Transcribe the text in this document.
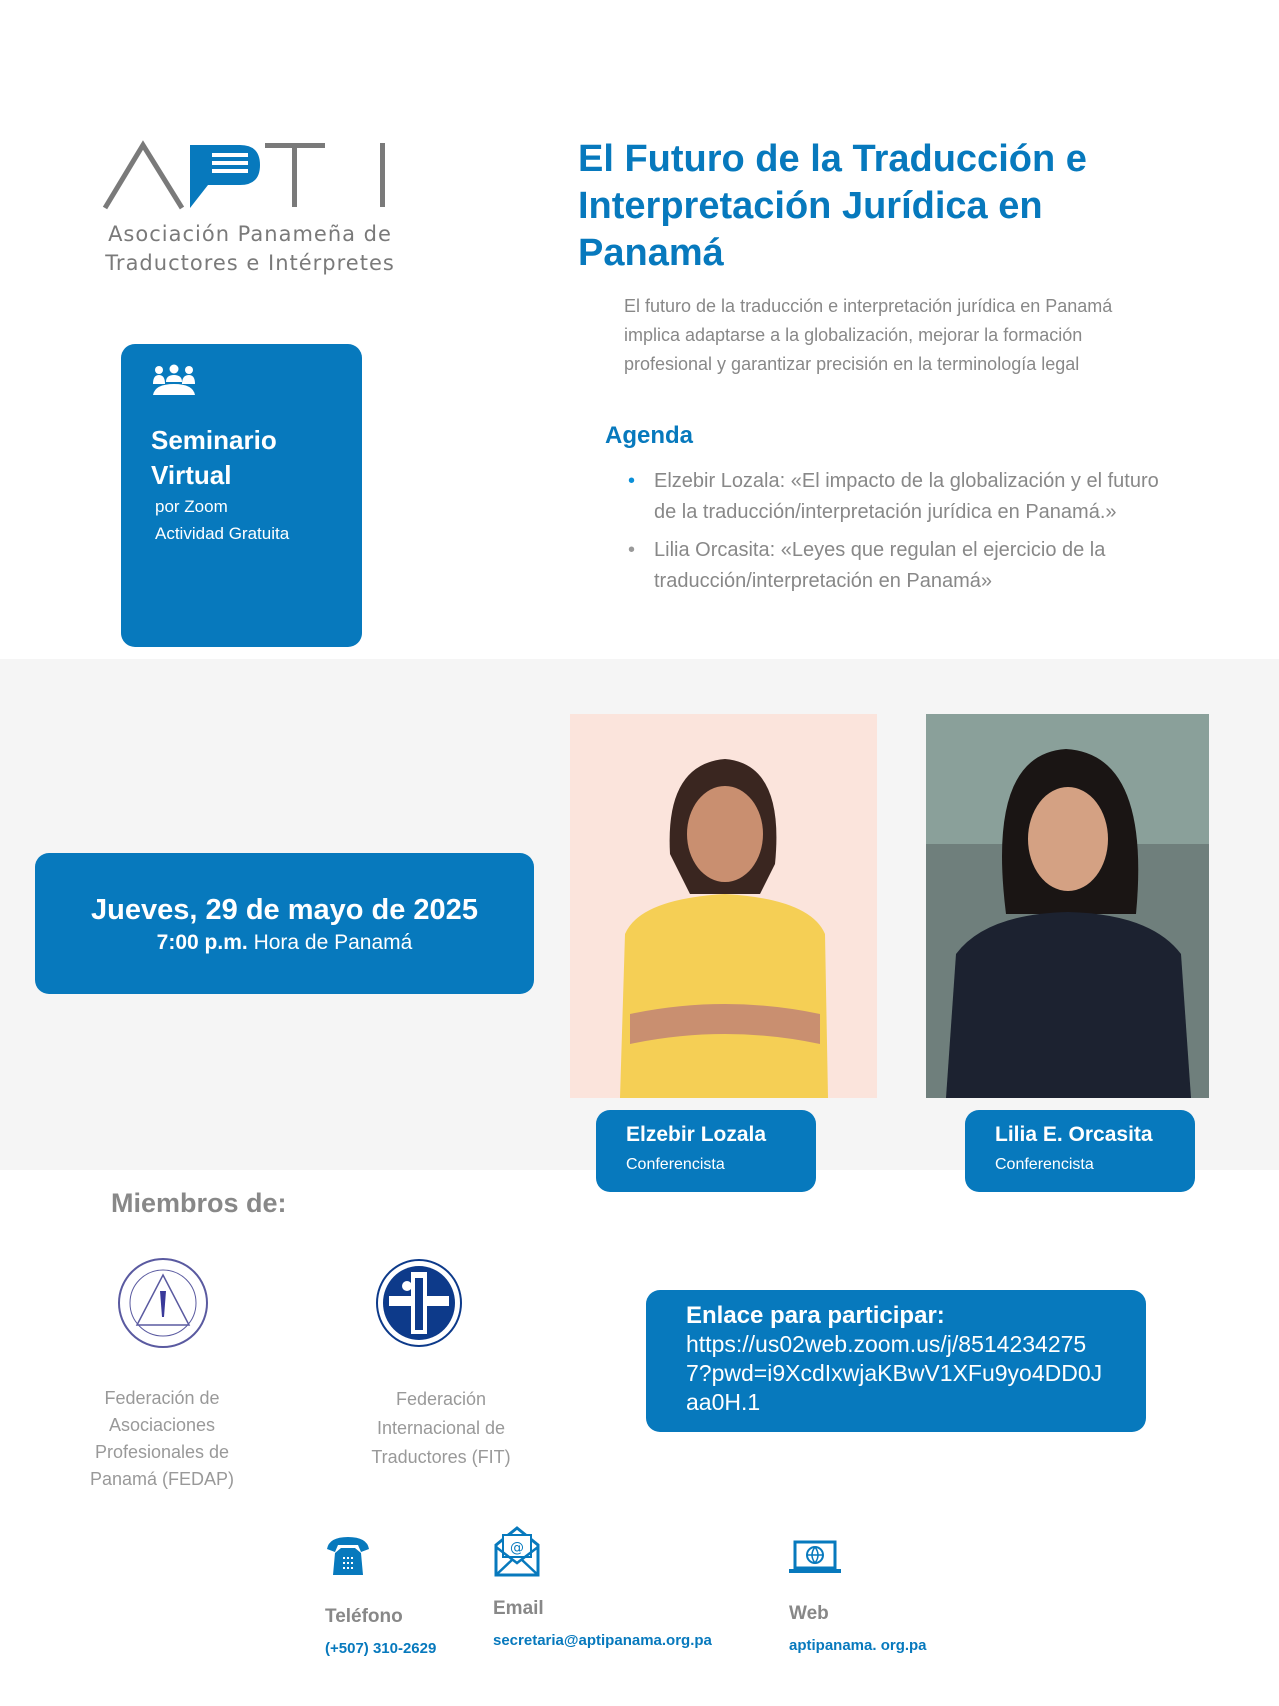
Asociación Panameña de
Traductores e Intérpretes
El Futuro de la Traducción e Interpretación Jurídica en Panamá

El futuro de la traducción e interpretación jurídica en Panamá implica adaptarse a la globalización, mejorar la formación profesional y garantizar precisión en la terminología legal

Agenda
• Elzebir Lozala: «El impacto de la globalización y el futuro de la traducción/interpretación jurídica en Panamá.»
• Lilia Orcasita: «Leyes que regulan el ejercicio de la traducción/interpretación en Panamá»
Seminario Virtual

por Zoom

Actividad Gratuita

Jueves, 29 de mayo de 2025
7:00 p.m. Hora de Panamá
Elzebir Lozala
Conferencista
Lilia E. Orcasita
Conferencista
Miembros de:
Federación de Asociaciones Profesionales de Panamá (FEDAP)
Federación Internacional de Traductores (FIT)
Enlace para participar:
https://us02web.zoom.us/j/85142342757?pwd=i9XcdIxwjaKBwV1XFu9yo4DD0Jaa0H.1
Teléfono
(+507) 310-2629
@
Email
secretaria@aptipanama.org.pa
Web
aptipanama. org.pa
